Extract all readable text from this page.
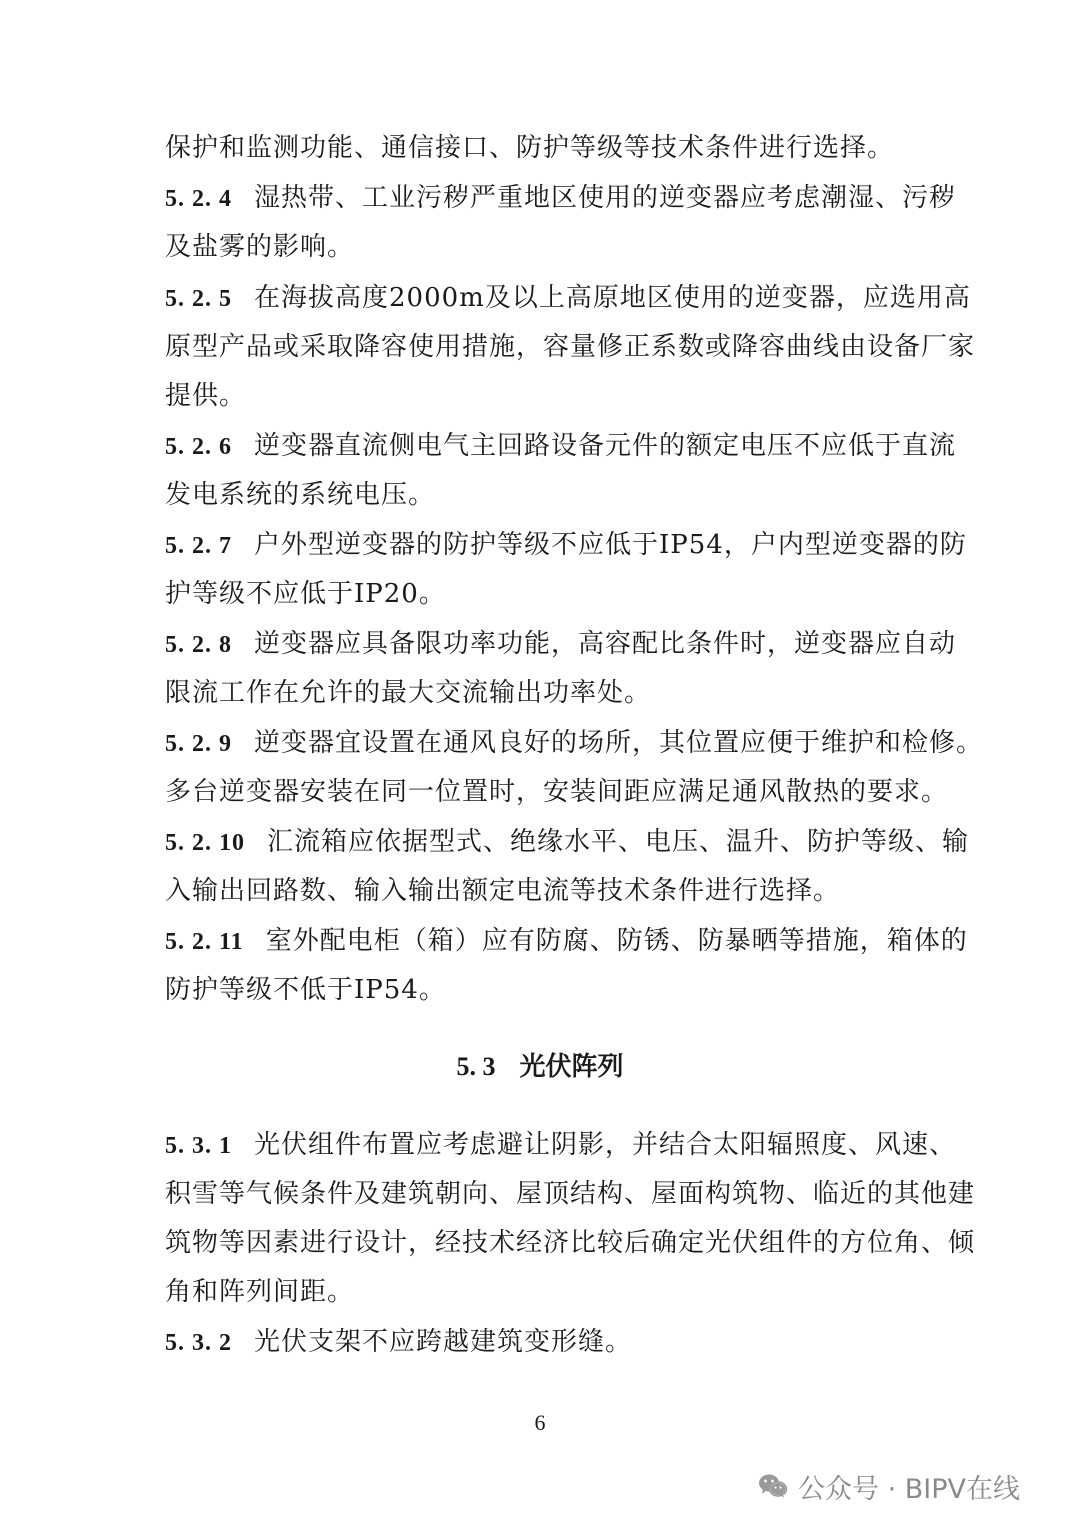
保护和监测功能、通信接口、防护等级等技术条件进行选择。
5. 2. 4 湿热带、工业污秽严重地区使用的逆变器应考虑潮湿、污秽
及盐雾的影响。
5. 2. 5 在海拔高度2000m及以上高原地区使用的逆变器，应选用高
原型产品或采取降容使用措施，容量修正系数或降容曲线由设备厂家
提供。
5. 2. 6 逆变器直流侧电气主回路设备元件的额定电压不应低于直流
发电系统的系统电压。
5. 2. 7 户外型逆变器的防护等级不应低于IP54，户内型逆变器的防
护等级不应低于IP20。
5. 2. 8 逆变器应具备限功率功能，高容配比条件时，逆变器应自动
限流工作在允许的最大交流输出功率处。
5. 2. 9 逆变器宜设置在通风良好的场所，其位置应便于维护和检修。
多台逆变器安装在同一位置时，安装间距应满足通风散热的要求。
5. 2. 10 汇流箱应依据型式、绝缘水平、电压、温升、防护等级、输
入输出回路数、输入输出额定电流等技术条件进行选择。
5. 2. 11 室外配电柜（箱）应有防腐、防锈、防暴晒等措施，箱体的
防护等级不低于IP54。
5. 3 光伏阵列
5. 3. 1 光伏组件布置应考虑避让阴影，并结合太阳辐照度、风速、
积雪等气候条件及建筑朝向、屋顶结构、屋面构筑物、临近的其他建
筑物等因素进行设计，经技术经济比较后确定光伏组件的方位角、倾
角和阵列间距。
5. 3. 2 光伏支架不应跨越建筑变形缝。
6
公众号 · BIPV在线
